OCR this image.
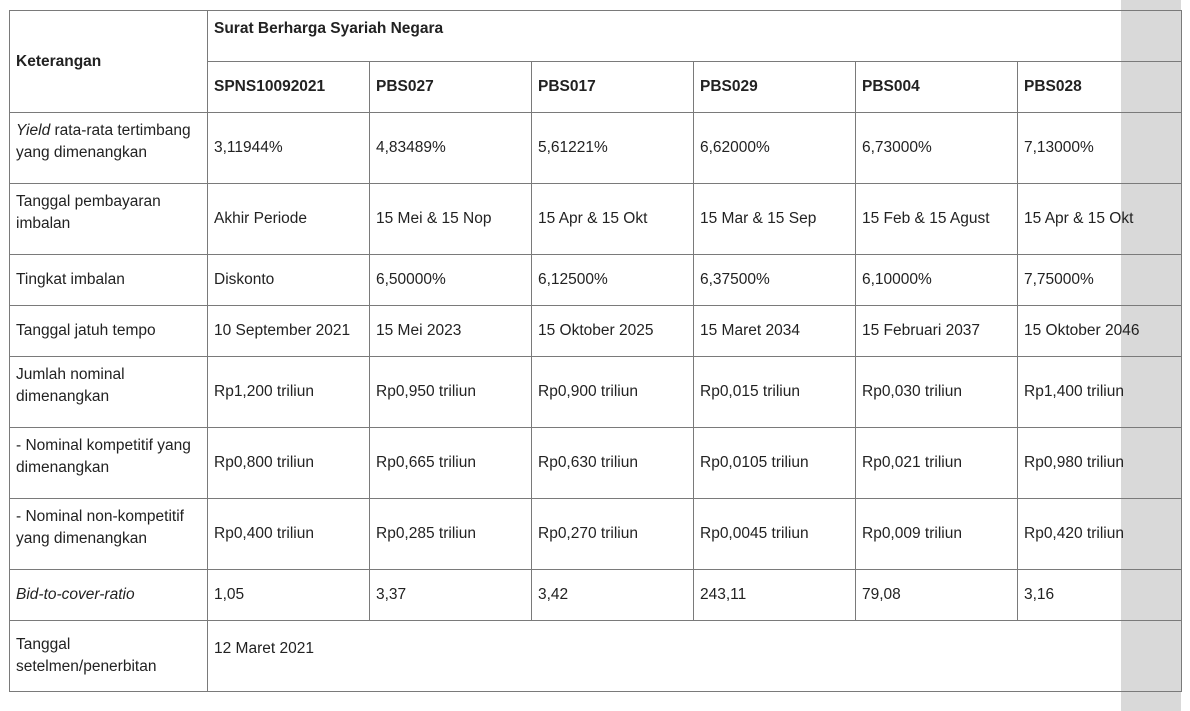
Keterangan	Surat Berharga Syariah Negara					

	SPNS10092021	PBS027	PBS017	PBS029	PBS004	PBS028
Yield rata-rata tertimbang yang dimenangkan	3,11944%	4,83489%	5,61221%	6,62000%	6,73000%	7,13000%
Tanggal pembayaran imbalan	Akhir Periode	15 Mei & 15 Nop	15 Apr & 15 Okt	15 Mar & 15 Sep	15 Feb & 15 Agust	15 Apr & 15 Okt
Tingkat imbalan	Diskonto	6,50000%	6,12500%	6,37500%	6,10000%	7,75000%
Tanggal jatuh tempo	10 September 2021	15 Mei 2023	15 Oktober 2025	15 Maret 2034	15 Februari 2037	15 Oktober 2046
Jumlah nominal dimenangkan	Rp1,200 triliun	Rp0,950 triliun	Rp0,900 triliun	Rp0,015 triliun	Rp0,030 triliun	Rp1,400 triliun
- Nominal kompetitif yang dimenangkan	Rp0,800 triliun	Rp0,665 triliun	Rp0,630 triliun	Rp0,0105 triliun	Rp0,021 triliun	Rp0,980 triliun
- Nominal non-kompetitif yang dimenangkan	Rp0,400 triliun	Rp0,285 triliun	Rp0,270 triliun	Rp0,0045 triliun	Rp0,009 triliun	Rp0,420 triliun
Bid-to-cover-ratio	1,05	3,37	3,42	243,11	79,08	3,16
Tanggal setelmen/penerbitan	12 Maret 2021					
